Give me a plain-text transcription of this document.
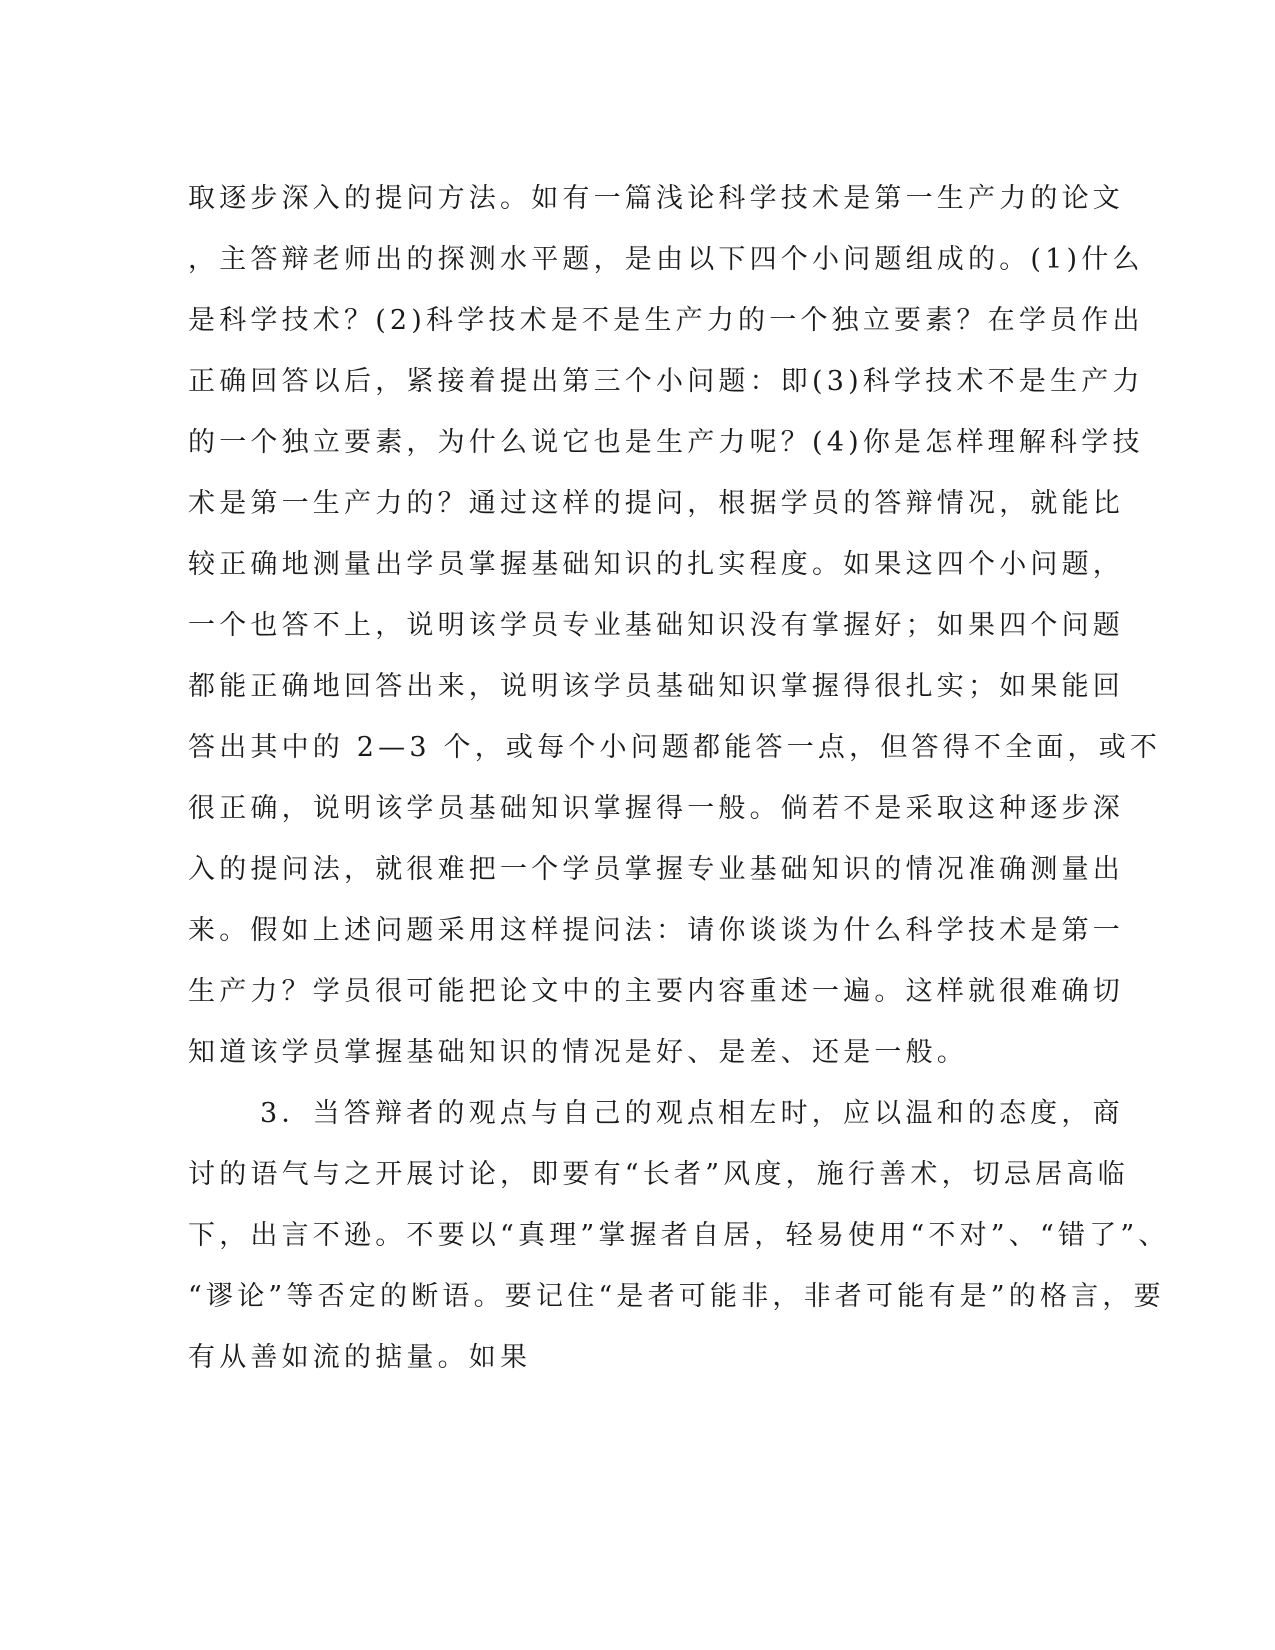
取逐步深入的提问方法。如有一篇浅论科学技术是第一生产力的论文
，主答辩老师出的探测水平题，是由以下四个小问题组成的。(1)什么
是科学技术？(2)科学技术是不是生产力的一个独立要素？在学员作出
正确回答以后，紧接着提出第三个小问题：即(3)科学技术不是生产力
的一个独立要素，为什么说它也是生产力呢？(4)你是怎样理解科学技
术是第一生产力的？通过这样的提问，根据学员的答辩情况，就能比
较正确地测量出学员掌握基础知识的扎实程度。如果这四个小问题，
一个也答不上，说明该学员专业基础知识没有掌握好；如果四个问题
都能正确地回答出来，说明该学员基础知识掌握得很扎实；如果能回
答出其中的 2—3 个，或每个小问题都能答一点，但答得不全面，或不
很正确，说明该学员基础知识掌握得一般。倘若不是采取这种逐步深
入的提问法，就很难把一个学员掌握专业基础知识的情况准确测量出
来。假如上述问题采用这样提问法：请你谈谈为什么科学技术是第一
生产力？学员很可能把论文中的主要内容重述一遍。这样就很难确切
知道该学员掌握基础知识的情况是好、是差、还是一般。
3．当答辩者的观点与自己的观点相左时，应以温和的态度，商
讨的语气与之开展讨论，即要有“长者”风度，施行善术，切忌居高临
下，出言不逊。不要以“真理”掌握者自居，轻易使用“不对”、“错了”、
“谬论”等否定的断语。要记住“是者可能非，非者可能有是”的格言，要
有从善如流的掂量。如果
